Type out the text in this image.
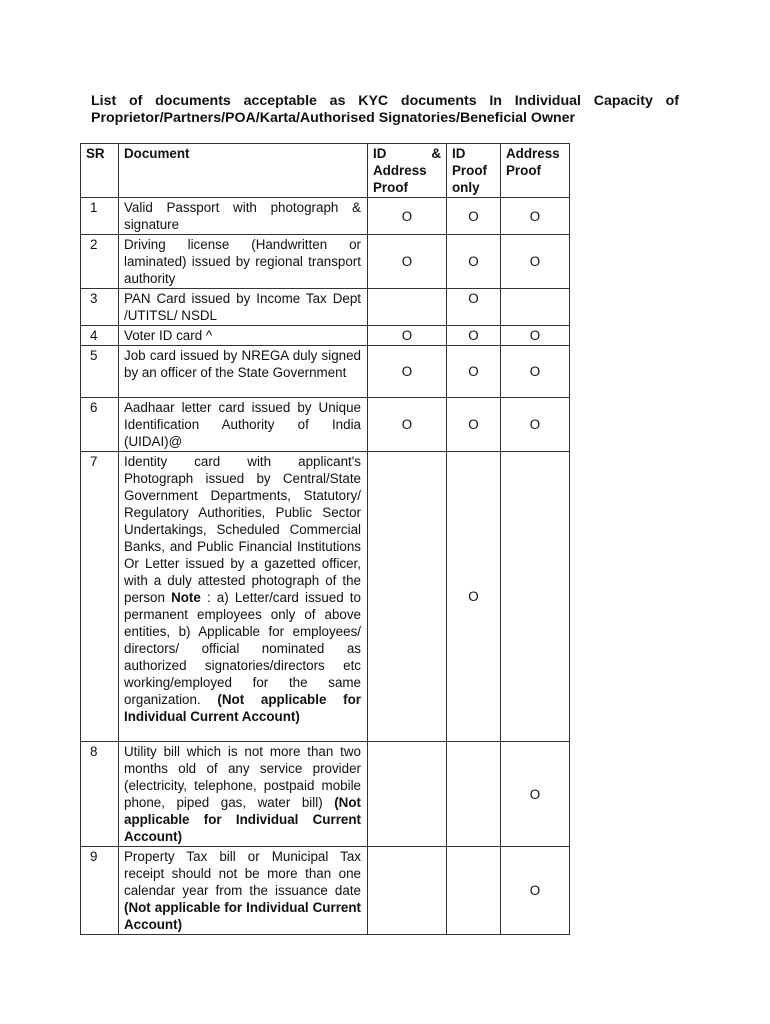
List of documents acceptable as KYC documents In Individual Capacity of Proprietor/Partners/POA/Karta/Authorised Signatories/Beneficial Owner
SR	Document	ID & Address Proof	ID Proof only	Address Proof
1	Valid Passport with photograph & signature	O	O	O
2	Driving license (Handwritten or laminated) issued by regional transport authority	O	O	O
3	PAN Card issued by Income Tax Dept /UTITSL/ NSDL		O	
4	Voter ID card ^	O	O	O
5	Job card issued by NREGA duly signed by an officer of the State Government	O	O	O
6	Aadhaar letter card issued by Unique Identification Authority of India (UIDAI)@	O	O	O
7	Identity card with applicant's Photograph issued by Central/State Government Departments, Statutory/ Regulatory Authorities, Public Sector Undertakings, Scheduled Commercial Banks, and Public Financial Institutions Or Letter issued by a gazetted officer, with a duly attested photograph of the person Note : a) Letter/card issued to permanent employees only of above entities, b) Applicable for employees/ directors/ official nominated as authorized signatories/directors etc working/employed for the same organization. (Not applicable for Individual Current Account)		O	
8	Utility bill which is not more than two months old of any service provider (electricity, telephone, postpaid mobile phone, piped gas, water bill) (Not applicable for Individual Current Account)			O
9	Property Tax bill or Municipal Tax receipt should not be more than one calendar year from the issuance date (Not applicable for Individual Current Account)			O
